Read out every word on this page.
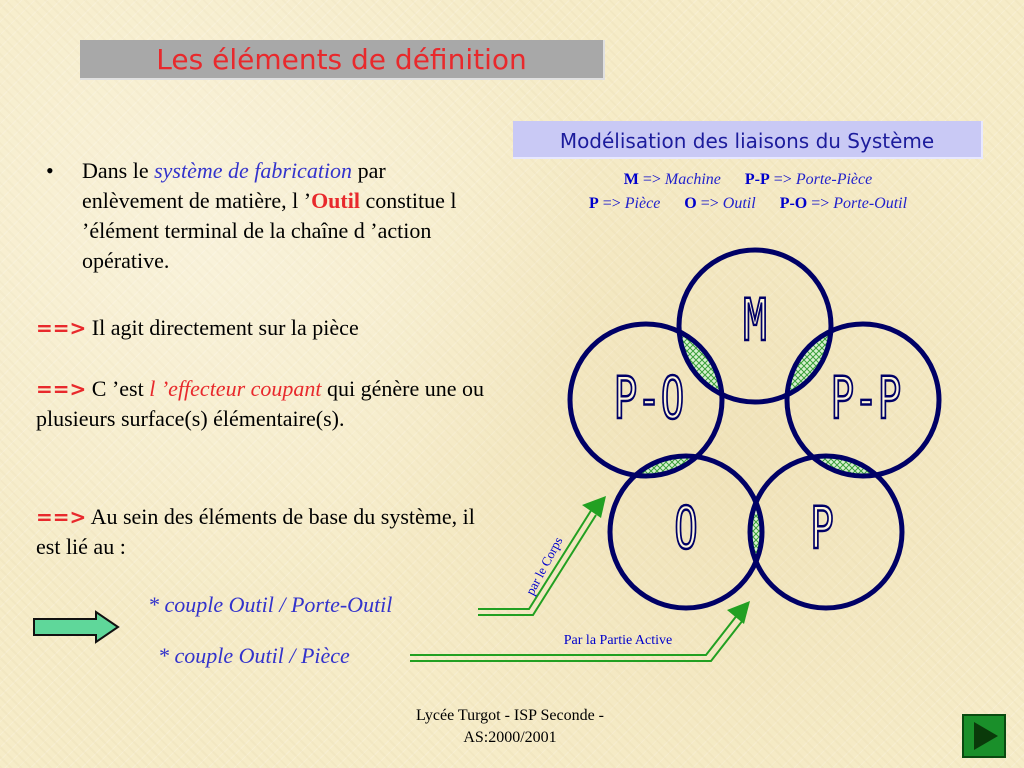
Les éléments de définition
Modélisation des liaisons du Système
M => Machine P-P => Porte-Pièce
P => Pièce O => Outil P-O => Porte-Outil
•	Dans le système de fabrication par enlèvement de matière, l ’Outil constitue l ’élément terminal de la chaîne d ’action opérative.
==> Il agit directement sur la pièce
==> C ’est l ’effecteur coupant qui génère une ou plusieurs surface(s) élémentaire(s).
==> Au sein des éléments de base du système, il est lié au :
* couple Outil / Porte-Outil
* couple Outil / Pièce
M
P-O	P-P
O P
par le Corps
Par la Partie Active
Lycée Turgot - ISP Seconde -
AS:2000/2001
